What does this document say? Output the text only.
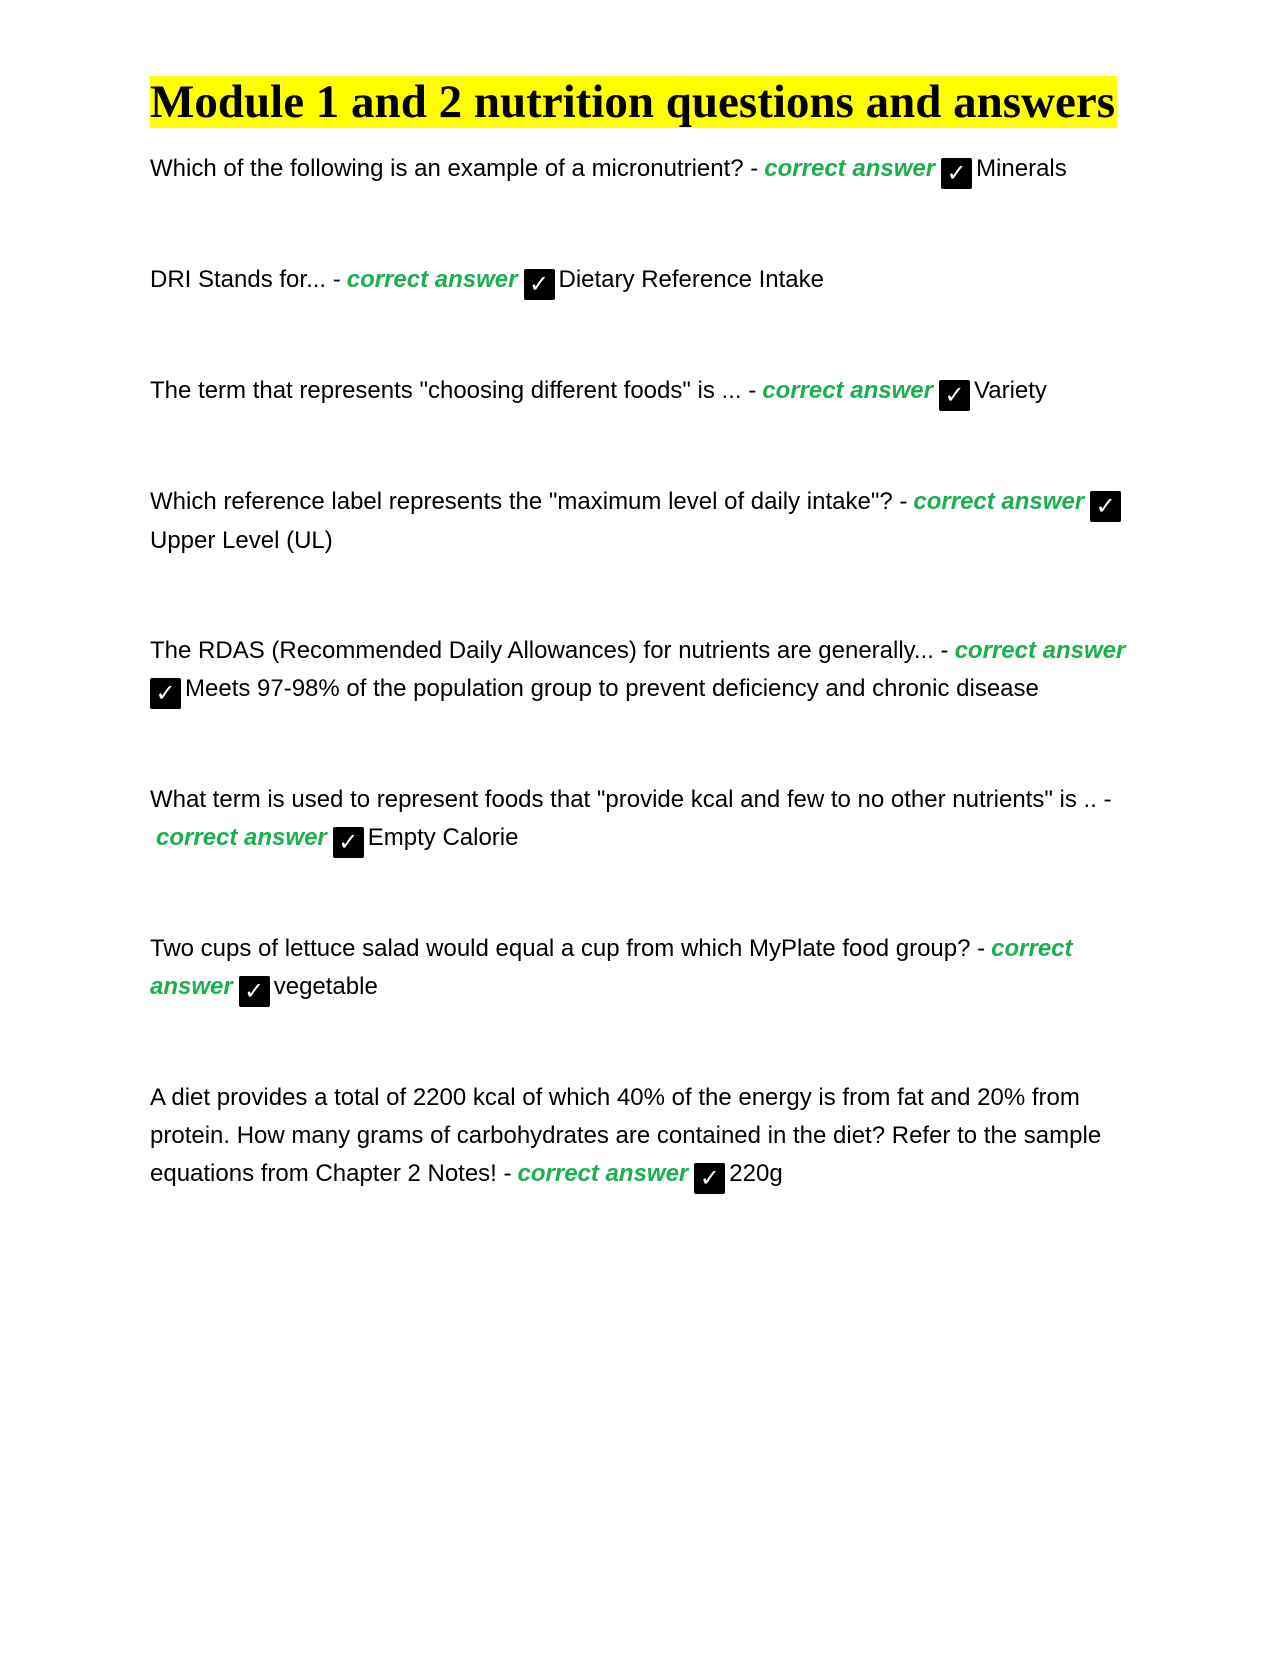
Module 1 and 2 nutrition questions and answers

Which of the following is an example of a micronutrient? - correct answer ✓ Minerals

DRI Stands for... - correct answer ✓ Dietary Reference Intake

The term that represents "choosing different foods" is ... - correct answer ✓ Variety

Which reference label represents the "maximum level of daily intake"? - correct answer ✓Upper Level (UL)

The RDAS (Recommended Daily Allowances) for nutrients are generally... - correct answer✓ Meets 97-98% of the population group to prevent deficiency and chronic disease

What term is used to represent foods that "provide kcal and few to no other nutrients" is .. -correct answer ✓ Empty Calorie

Two cups of lettuce salad would equal a cup from which MyPlate food group? - correct answer ✓ vegetable

A diet provides a total of 2200 kcal of which 40% of the energy is from fat and 20% from protein. How many grams of carbohydrates are contained in the diet? Refer to the sample equations from Chapter 2 Notes! - correct answer ✓ 220g
